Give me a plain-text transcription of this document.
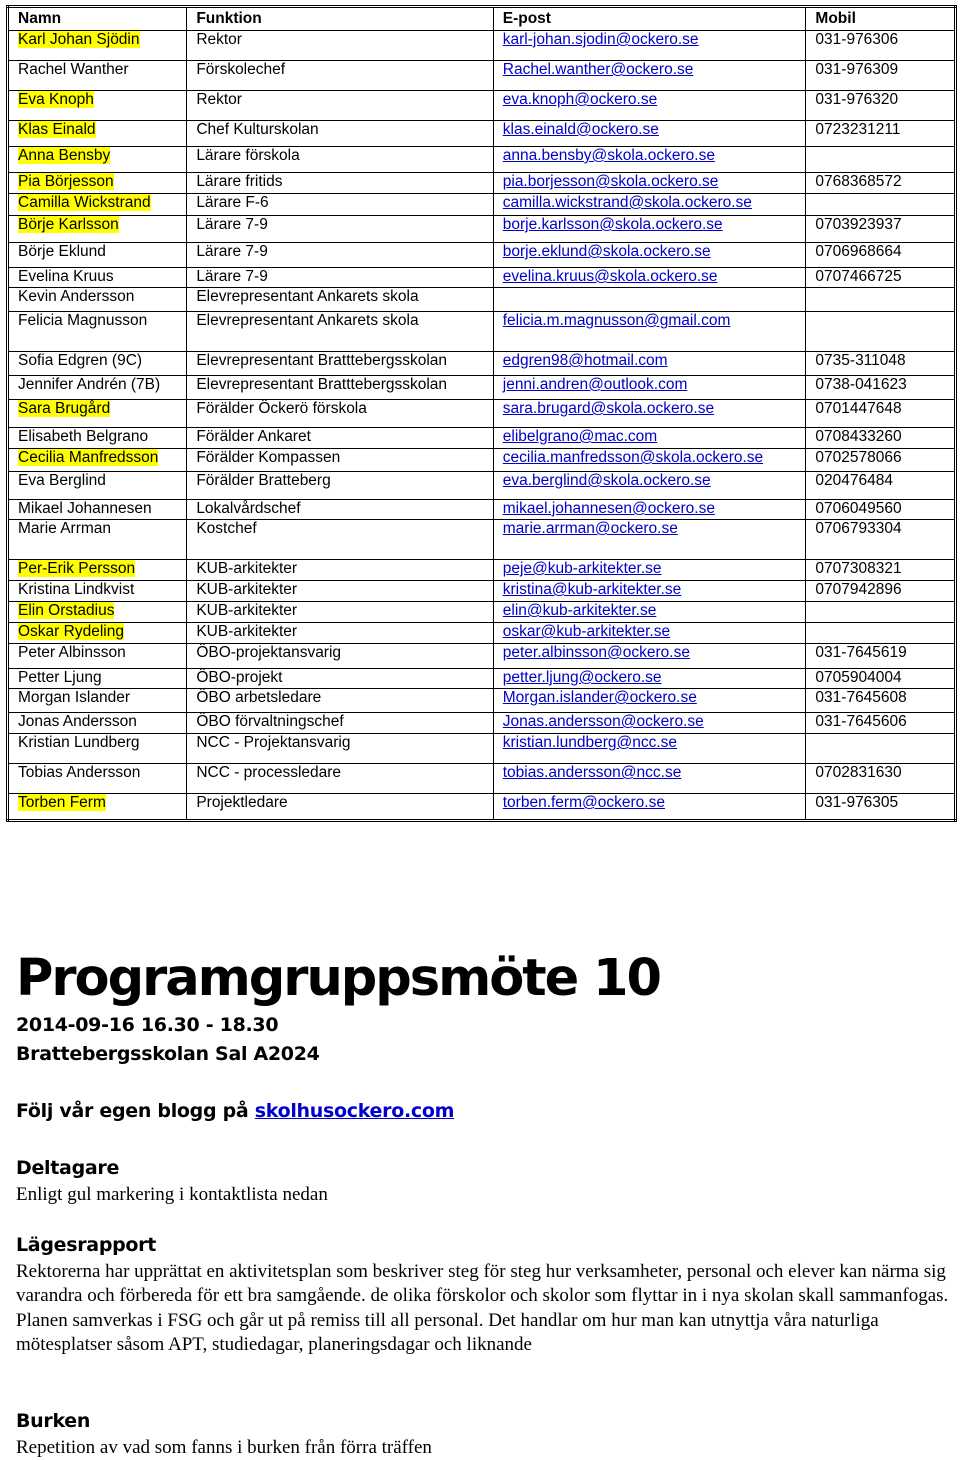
Namn	Funktion	E-post	Mobil
Karl Johan Sjödin	Rektor	karl-johan.sjodin@ockero.se	031-976306
Rachel Wanther	Förskolechef	Rachel.wanther@ockero.se	031-976309
Eva Knoph	Rektor	eva.knoph@ockero.se	031-976320
Klas Einald	Chef Kulturskolan	klas.einald@ockero.se	0723231211
Anna Bensby	Lärare förskola	anna.bensby@skola.ockero.se	
Pia Börjesson	Lärare fritids	pia.borjesson@skola.ockero.se	0768368572
Camilla Wickstrand	Lärare F-6	camilla.wickstrand@skola.ockero.se	
Börje Karlsson	Lärare 7-9	borje.karlsson@skola.ockero.se	0703923937
Börje Eklund	Lärare 7-9	borje.eklund@skola.ockero.se	0706968664
Evelina Kruus	Lärare 7-9	evelina.kruus@skola.ockero.se	0707466725
Kevin Andersson	Elevrepresentant Ankarets skola		
Felicia Magnusson	Elevrepresentant Ankarets skola	felicia.m.magnusson@gmail.com	
Sofia Edgren (9C)	Elevrepresentant Bratttebergsskolan	edgren98@hotmail.com	0735-311048
Jennifer Andrén (7B)	Elevrepresentant Bratttebergsskolan	jenni.andren@outlook.com	0738-041623
Sara Brugård	Förälder Öckerö förskola	sara.brugard@skola.ockero.se	0701447648
Elisabeth Belgrano	Förälder Ankaret	elibelgrano@mac.com	0708433260
Cecilia Manfredsson	Förälder Kompassen	cecilia.manfredsson@skola.ockero.se	0702578066
Eva Berglind	Förälder Bratteberg	eva.berglind@skola.ockero.se	020476484
Mikael Johannesen	Lokalvårdschef	mikael.johannesen@ockero.se	0706049560
Marie Arrman	Kostchef	marie.arrman@ockero.se	0706793304
Per-Erik Persson	KUB-arkitekter	peje@kub-arkitekter.se	0707308321
Kristina Lindkvist	KUB-arkitekter	kristina@kub-arkitekter.se	0707942896
Elin Orstadius	KUB-arkitekter	elin@kub-arkitekter.se	
Oskar Rydeling	KUB-arkitekter	oskar@kub-arkitekter.se	
Peter Albinsson	ÖBO-projektansvarig	peter.albinsson@ockero.se	031-7645619
Petter Ljung	ÖBO-projekt	petter.ljung@ockero.se	0705904004
Morgan Islander	ÖBO arbetsledare	Morgan.islander@ockero.se	031-7645608
Jonas Andersson	ÖBO förvaltningschef	Jonas.andersson@ockero.se	031-7645606
Kristian Lundberg	NCC - Projektansvarig	kristian.lundberg@ncc.se	
Tobias Andersson	NCC - processledare	tobias.andersson@ncc.se	0702831630
Torben Ferm	Projektledare	torben.ferm@ockero.se	031-976305
Programgruppsmöte 10
2014-09-16 16.30 - 18.30
Brattebergsskolan Sal A2024
Följ vår egen blogg på skolhusockero.com
Deltagare

Enligt gul markering i kontaktlista nedan

Lägesrapport

Rektorerna har upprättat en aktivitetsplan som beskriver steg för steg hur verksamheter, personal och elever kan närma sig varandra och förbereda för ett bra samgående. de olika förskolor och skolor som flyttar in i nya skolan skall sammanfogas. Planen samverkas i FSG och går ut på remiss till all personal. Det handlar om hur man kan utnyttja våra naturliga mötesplatser såsom APT, studiedagar, planeringsdagar och liknande

Burken

Repetition av vad som fanns i burken från förra träffen
